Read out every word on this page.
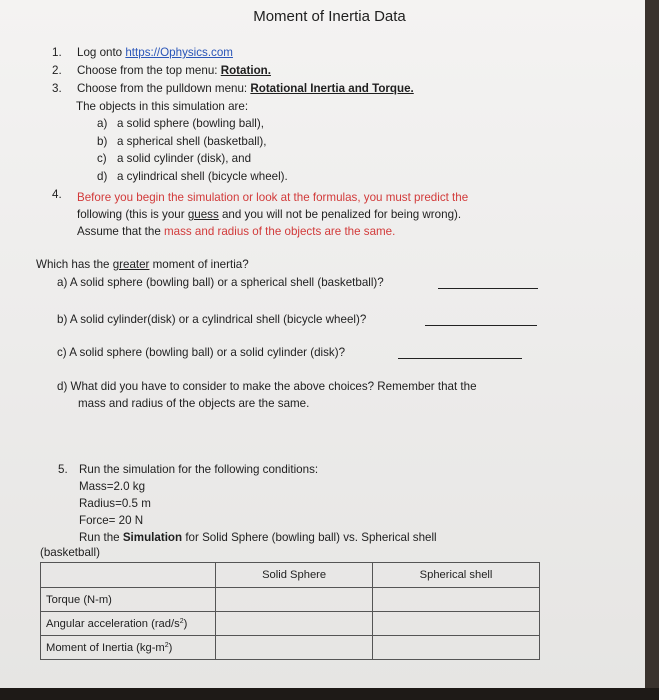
Moment of Inertia Data
1. Log onto https://Ophysics.com
2. Choose from the top menu: Rotation.
3. Choose from the pulldown menu: Rotational Inertia and Torque.
The objects in this simulation are:
a) a solid sphere (bowling ball),
b) a spherical shell (basketball),
c) a solid cylinder (disk), and
d) a cylindrical shell (bicycle wheel).
4. Before you begin the simulation or look at the formulas, you must predict the
following (this is your guess and you will not be penalized for being wrong).
Assume that the mass and radius of the objects are the same.
Which has the greater moment of inertia?
a) A solid sphere (bowling ball) or a spherical shell (basketball)?
b) A solid cylinder(disk) or a cylindrical shell (bicycle wheel)?
c) A solid sphere (bowling ball) or a solid cylinder (disk)?
d) What did you have to consider to make the above choices? Remember that the
mass and radius of the objects are the same.
5. Run the simulation for the following conditions:
Mass=2.0 kg
Radius=0.5 m
Force= 20 N
Run the Simulation for Solid Sphere (bowling ball) vs. Spherical shell
(basketball)
	Solid Sphere	Spherical shell
Torque (N-m)		
Angular acceleration $(rad/s^2)$		
Moment of Inertia $(kg-m^2)$		
